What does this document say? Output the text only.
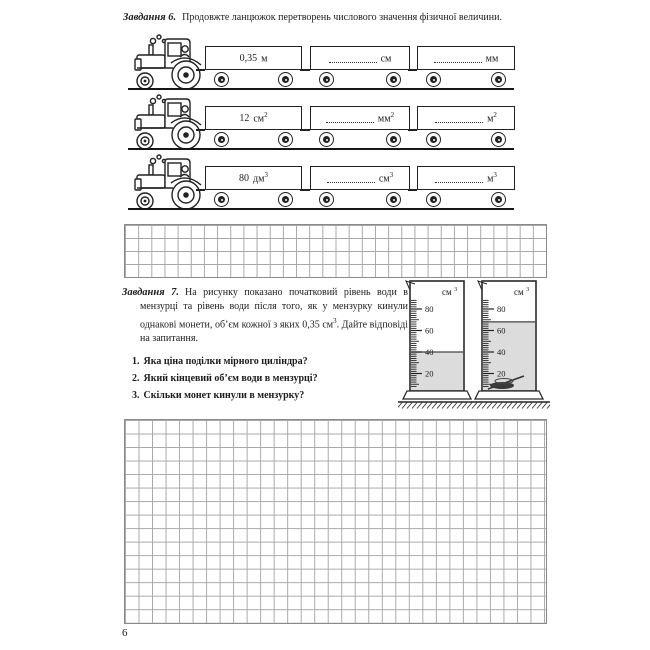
Завдання 6. Продовжте ланцюжок перетворень числового значення фізичної величини.
0,35 м	см	мм
12 $см^2$	$мм^2$	$м^2$
80 $дм^3$	$см^3$	$м^3$

Завдання 7. На рисунку показано початковий рівень води в мензурці та рівень води після того, як у мензурку кинули однакові монети, об’єм кожної з яких 0,35 $см^3$. Дайте відповіді на запитання.

1. Яка ціна поділки мірного циліндра?
2. Який кінцевий об’єм води в мензурці?
3. Скільки монет кинули в мензурку?
80
60
40
20
80
60
40
20
см 3	см 3
6
